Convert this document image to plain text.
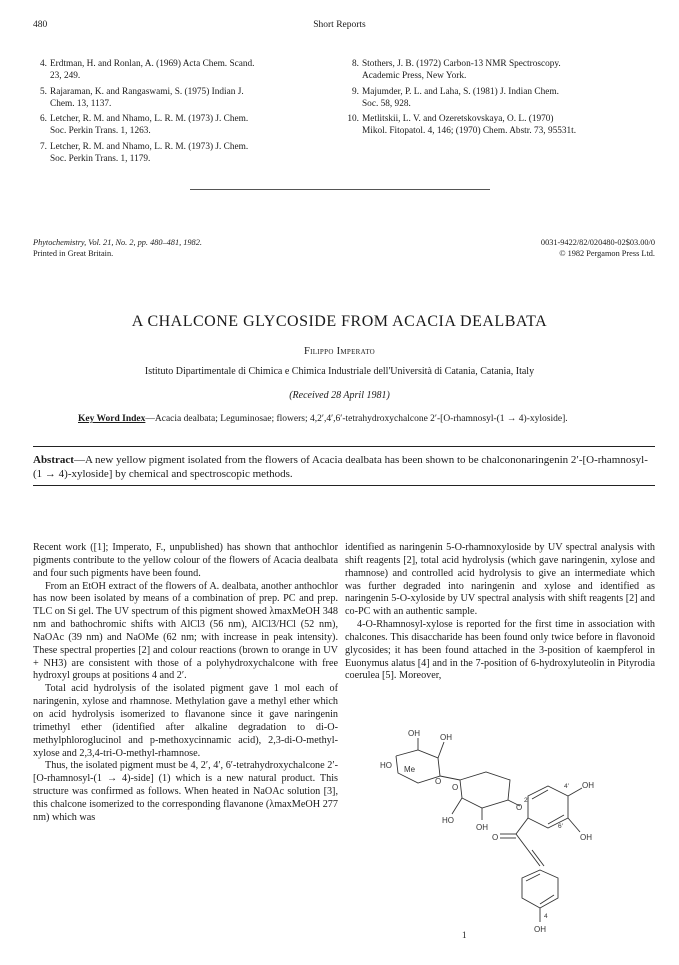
480	Short Reports
4. Erdtman, H. and Ronlan, A. (1969) Acta Chem. Scand.
23, 249.
5. Rajaraman, K. and Rangaswami, S. (1975) Indian J.
Chem. 13, 1137.
6. Letcher, R. M. and Nhamo, L. R. M. (1973) J. Chem.
Soc. Perkin Trans. 1, 1263.
7. Letcher, R. M. and Nhamo, L. R. M. (1973) J. Chem.
Soc. Perkin Trans. 1, 1179.
8. Stothers, J. B. (1972) Carbon-13 NMR Spectroscopy.
Academic Press, New York.
9. Majumder, P. L. and Laha, S. (1981) J. Indian Chem.
Soc. 58, 928.
10. Metlitskii, L. V. and Ozeretskovskaya, O. L. (1970)
Mikol. Fitopatol. 4, 146; (1970) Chem. Abstr. 73, 95531t.
Phytochemistry, Vol. 21, No. 2, pp. 480–481, 1982.
Printed in Great Britain.
0031-9422/82/020480-02$03.00/0
© 1982 Pergamon Press Ltd.
A CHALCONE GLYCOSIDE FROM ACACIA DEALBATA
Filippo Imperato
Istituto Dipartimentale di Chimica e Chimica Industriale dell'Università di Catania, Catania, Italy
(Received 28 April 1981)
Key Word Index—Acacia dealbata; Leguminosae; flowers; 4,2′,4′,6′-tetrahydroxychalcone 2′-[O-rhamnosyl-(1 → 4)-xyloside].
Abstract—A new yellow pigment isolated from the flowers of Acacia dealbata has been shown to be chalcononaringenin 2′-[O-rhamnosyl-(1 → 4)-xyloside] by chemical and spectroscopic methods.

Recent work ([1]; Imperato, F., unpublished) has shown that anthochlor pigments contribute to the yellow colour of the flowers of Acacia dealbata and four such pigments have been found.

From an EtOH extract of the flowers of A. dealbata, another anthochlor has now been isolated by means of a combination of prep. PC and prep. TLC on Si gel. The UV spectrum of this pigment showed λmaxMeOH 348 nm and bathochromic shifts with AlCl3 (56 nm), AlCl3/HCl (52 nm), NaOAc (39 nm) and NaOMe (62 nm; with increase in peak intensity). These spectral properties [2] and colour reactions (brown to orange in UV + NH3) are consistent with those of a polyhydroxychalcone with free hydroxyl groups at positions 4 and 2′.

Total acid hydrolysis of the isolated pigment gave 1 mol each of naringenin, xylose and rhamnose. Methylation gave a methyl ether which on acid hydrolysis isomerized to flavanone since it gave naringenin trimethyl ether (identified after alkaline degradation to di-O-methylphloroglucinol and p-methoxycinnamic acid), 2,3-di-O-methyl-xylose and 2,3,4-tri-O-methyl-rhamnose.

Thus, the isolated pigment must be 4, 2′, 4′, 6′-tetrahydroxychalcone 2′-[O-rhamnosyl-(1 → 4)-side] (1) which is a new natural product. This structure was confirmed as follows. When heated in NaOAc solution [3], this chalcone isomerized to the corresponding flavanone (λmaxMeOH 277 nm) which was

identified as naringenin 5-O-rhamnoxyloside by UV spectral analysis with shift reagents [2], total acid hydrolysis (which gave naringenin, xylose and rhamnose) and controlled acid hydrolysis to give an intermediate which was further degraded into naringenin and xylose and identified as naringenin 5-O-xyloside by UV spectral analysis with shift reagents [2] and co-PC with an authentic sample.

4-O-Rhamnosyl-xylose is reported for the first time in association with chalcones. This disaccharide has been found only twice before in flavonoid glycosides; it has been found attached in the 3-position of kaempferol in Euonymus alatus [4] and in the 7-position of 6-hydroxyluteolin in Pityrodia coerulea [5]. Moreover,

OH	OH
HO Me
O
O
HO
OH
OH
O
O	OH
2′
4′
6′
4
OH
1
